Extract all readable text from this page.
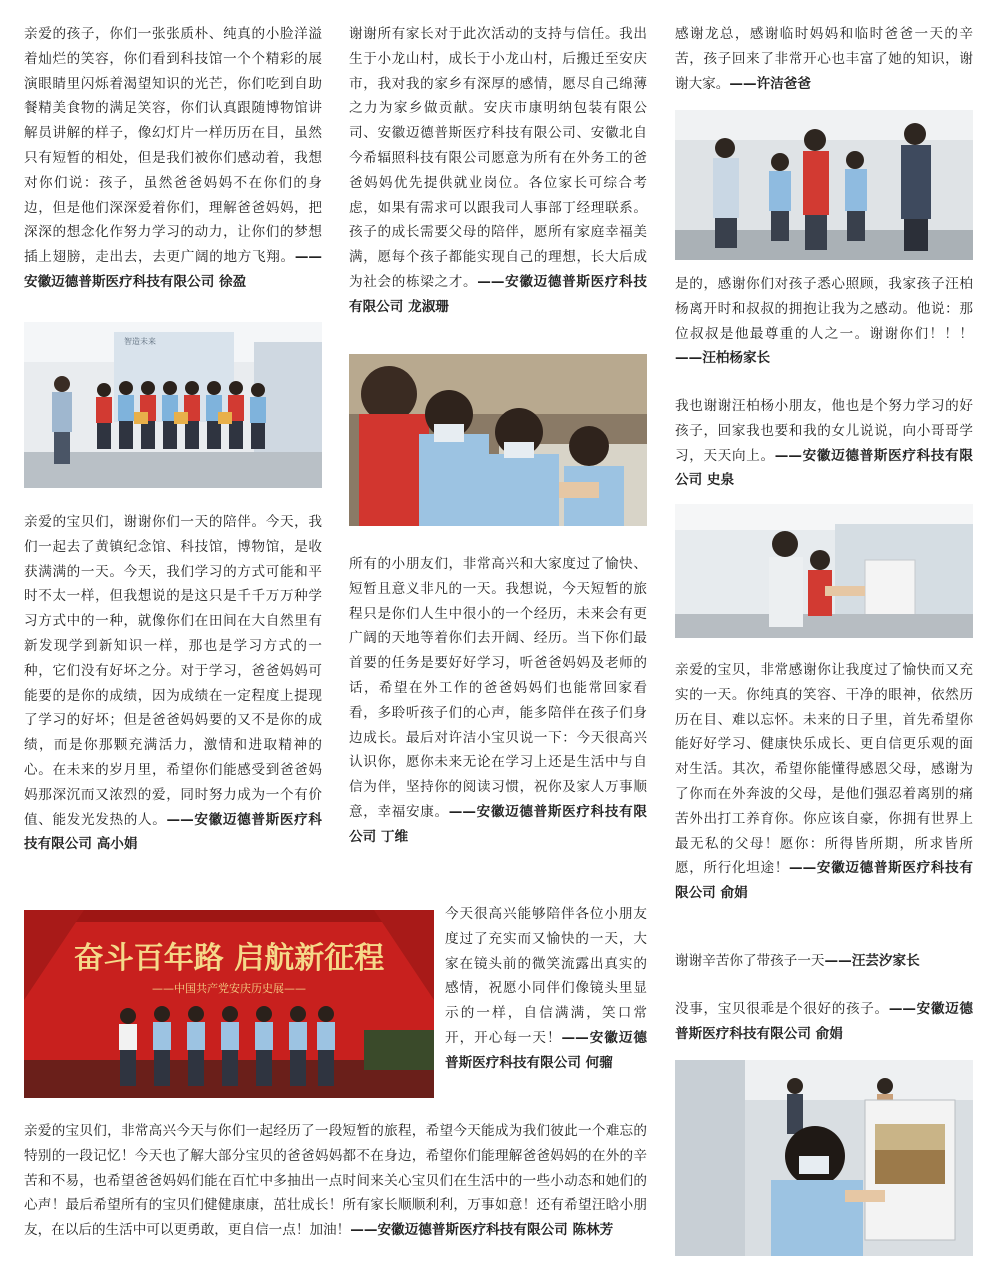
亲爱的孩子，你们一张张质朴、纯真的小脸洋溢着灿烂的笑容，你们看到科技馆一个个精彩的展演眼睛里闪烁着渴望知识的光芒，你们吃到自助餐精美食物的满足笑容，你们认真跟随博物馆讲解员讲解的样子，像幻灯片一样历历在目，虽然只有短暂的相处，但是我们被你们感动着，我想对你们说：孩子，虽然爸爸妈妈不在你们的身边，但是他们深深爱着你们，理解爸爸妈妈，把深深的想念化作努力学习的动力，让你们的梦想插上翅膀，走出去，去更广阔的地方飞翔。——安徽迈德普斯医疗科技有限公司 徐盈
智造未来
亲爱的宝贝们，谢谢你们一天的陪伴。今天，我们一起去了黄镇纪念馆、科技馆，博物馆，是收获满满的一天。今天，我们学习的方式可能和平时不太一样，但我想说的是这只是千千万万种学习方式中的一种，就像你们在田间在大自然里有新发现学到新知识一样，那也是学习方式的一种，它们没有好坏之分。对于学习，爸爸妈妈可能要的是你的成绩，因为成绩在一定程度上提现了学习的好坏；但是爸爸妈妈要的又不是你的成绩，而是你那颗充满活力，激情和进取精神的心。在未来的岁月里，希望你们能感受到爸爸妈妈那深沉而又浓烈的爱，同时努力成为一个有价值、能发光发热的人。——安徽迈德普斯医疗科技有限公司 高小娟
谢谢所有家长对于此次活动的支持与信任。我出生于小龙山村，成长于小龙山村，后搬迁至安庆市，我对我的家乡有深厚的感情，愿尽自己绵薄之力为家乡做贡献。安庆市康明纳包装有限公司、安徽迈德普斯医疗科技有限公司、安徽北自今希辐照科技有限公司愿意为所有在外务工的爸爸妈妈优先提供就业岗位。各位家长可综合考虑，如果有需求可以跟我司人事部丁经理联系。孩子的成长需要父母的陪伴，愿所有家庭幸福美满，愿每个孩子都能实现自己的理想，长大后成为社会的栋梁之才。——安徽迈德普斯医疗科技有限公司 龙淑珊
所有的小朋友们，非常高兴和大家度过了愉快、短暂且意义非凡的一天。我想说，今天短暂的旅程只是你们人生中很小的一个经历，未来会有更广阔的天地等着你们去开阔、经历。当下你们最首要的任务是要好好学习，听爸爸妈妈及老师的话，希望在外工作的爸爸妈妈们也能常回家看看，多聆听孩子们的心声，能多陪伴在孩子们身边成长。最后对许洁小宝贝说一下：今天很高兴认识你，愿你未来无论在学习上还是生活中与自信为伴，坚持你的阅读习惯，祝你及家人万事顺意，幸福安康。——安徽迈德普斯医疗科技有限公司 丁维
感谢龙总，感谢临时妈妈和临时爸爸一天的辛苦，孩子回来了非常开心也丰富了她的知识，谢谢大家。——许洁爸爸
是的，感谢你们对孩子悉心照顾，我家孩子汪柏杨离开时和叔叔的拥抱让我为之感动。他说：那位叔叔是他最尊重的人之一。谢谢你们！！！——汪柏杨家长
我也谢谢汪柏杨小朋友，他也是个努力学习的好孩子，回家我也要和我的女儿说说，向小哥哥学习，天天向上。——安徽迈德普斯医疗科技有限公司 史泉
亲爱的宝贝，非常感谢你让我度过了愉快而又充实的一天。你纯真的笑容、干净的眼神，依然历历在目、难以忘怀。未来的日子里，首先希望你能好好学习、健康快乐成长、更自信更乐观的面对生活。其次，希望你能懂得感恩父母，感谢为了你而在外奔波的父母，是他们强忍着离别的痛苦外出打工养育你。你应该自豪，你拥有世界上最无私的父母！愿你：所得皆所期，所求皆所愿，所行化坦途！——安徽迈德普斯医疗科技有限公司 俞娟
谢谢辛苦你了带孩子一天——汪芸汐家长
没事，宝贝很乖是个很好的孩子。——安徽迈德普斯医疗科技有限公司 俞娟
奋斗百年路 启航新征程
——中国共产党安庆历史展——
今天很高兴能够陪伴各位小朋友度过了充实而又愉快的一天，大家在镜头前的微笑流露出真实的感情，祝愿小同伴们像镜头里显示的一样，自信满满，笑口常开，开心每一天！——安徽迈德普斯医疗科技有限公司 何骝
亲爱的宝贝们，非常高兴今天与你们一起经历了一段短暂的旅程，希望今天能成为我们彼此一个难忘的特别的一段记忆！今天也了解大部分宝贝的爸爸妈妈都不在身边，希望你们能理解爸爸妈妈的在外的辛苦和不易，也希望爸爸妈妈们能在百忙中多抽出一点时间来关心宝贝们在生活中的一些小动态和她们的心声！最后希望所有的宝贝们健健康康，茁壮成长！所有家长顺顺利利，万事如意！还有希望汪晗小朋友，在以后的生活中可以更勇敢，更自信一点！加油！——安徽迈德普斯医疗科技有限公司 陈林芳
